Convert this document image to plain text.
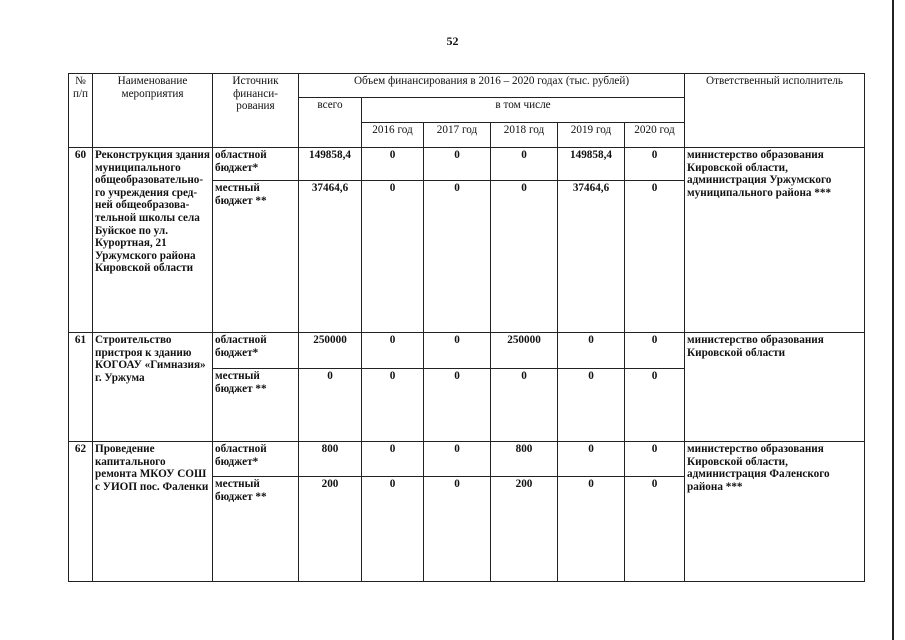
52
№ п/п	Наименование мероприятия	Источник финанси-рования	Объем финансирования в 2016 – 2020 годах (тыс. рублей)						Ответственный исполнитель
			всего	в том числе					
				2016 год	2017 год	2018 год	2019 год	2020 год	
60	Реконструкция здания муниципального общеобразовательно-го учреждения сред-ней общеобразова-тельной школы села Буйское по ул. Курортная, 21 Уржумского района Кировской области	областной бюджет*	149858,4	0	0	0	149858,4	0	министерство образования Кировской области, администрация Уржумского муниципального района ***
		местный бюджет **	37464,6	0	0	0	37464,6	0	
61	Строительство пристроя к зданию КОГОАУ «Гимназия» г. Уржума	областной бюджет*	250000	0	0	250000	0	0	министерство образования Кировской области
		местный бюджет **	0	0	0	0	0	0	
62	Проведение капитального ремонта МКОУ СОШ с УИОП пос. Фаленки	областной бюджет*	800	0	0	800	0	0	министерство образования Кировской области, администрация Фаленского района ***
		местный бюджет **	200	0	0	200	0	0	
